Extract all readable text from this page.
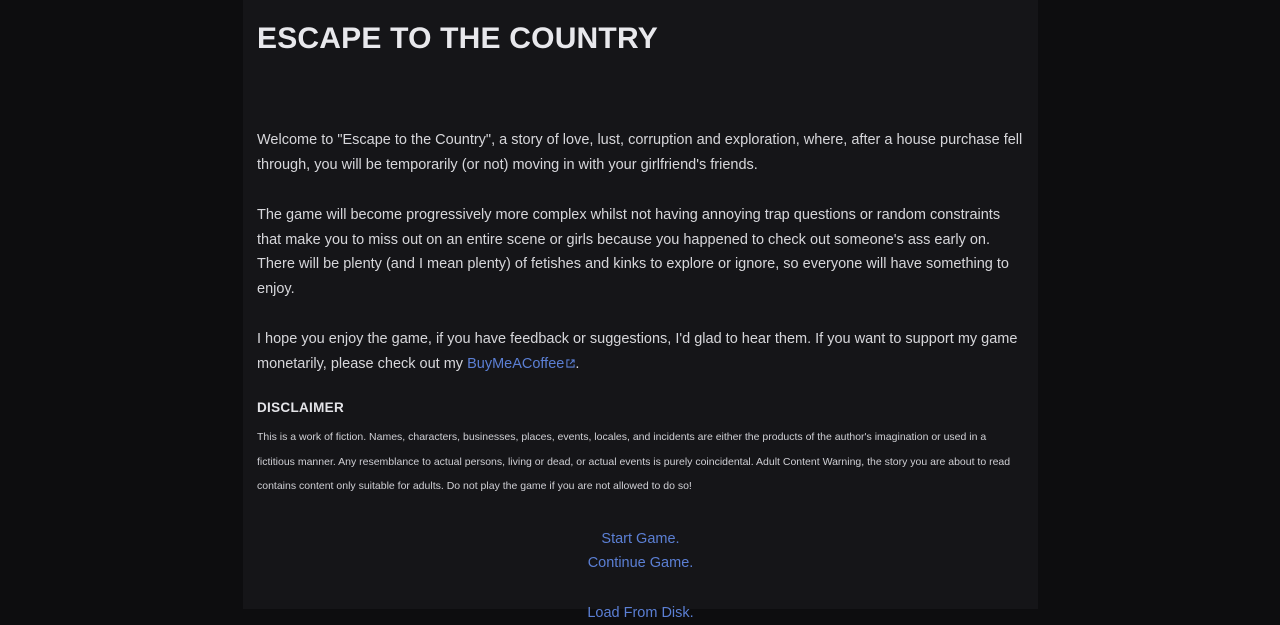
ESCAPE TO THE COUNTRY

Welcome to "Escape to the Country", a story of love, lust, corruption and exploration, where, after a house purchase fell through, you will be temporarily (or not) moving in with your girlfriend's friends.

The game will become progressively more complex whilst not having annoying trap questions or random constraints that make you to miss out on an entire scene or girls because you happened to check out someone's ass early on. There will be plenty (and I mean plenty) of fetishes and kinks to explore or ignore, so everyone will have something to enjoy.

I hope you enjoy the game, if you have feedback or suggestions, I'd glad to hear them. If you want to support my game monetarily, please check out my BuyMeACoffee .

DISCLAIMER

This is a work of fiction. Names, characters, businesses, places, events, locales, and incidents are either the products of the author's imagination or used in a fictitious manner. Any resemblance to actual persons, living or dead, or actual events is purely coincidental. Adult Content Warning, the story you are about to read contains content only suitable for adults. Do not play the game if you are not allowed to do so!

Start Game.
Continue Game.
Load From Disk.
